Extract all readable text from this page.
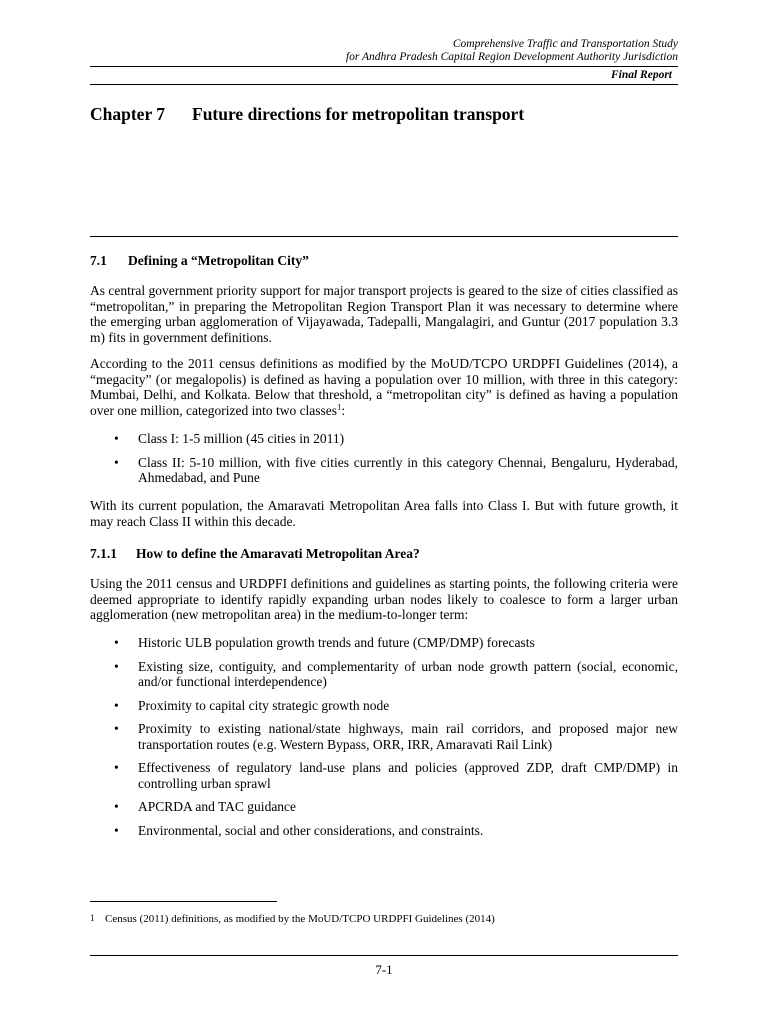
Comprehensive Traffic and Transportation Study
for Andhra Pradesh Capital Region Development Authority Jurisdiction
Final Report
Chapter 7 Future directions for metropolitan transport
7.1 Defining a “Metropolitan City”

As central government priority support for major transport projects is geared to the size of cities classified as “metropolitan,” in preparing the Metropolitan Region Transport Plan it was necessary to determine where the emerging urban agglomeration of Vijayawada, Tadepalli, Mangalagiri, and Guntur (2017 population 3.3 m) fits in government definitions.

According to the 2011 census definitions as modified by the MoUD/TCPO URDPFI Guidelines (2014), a “megacity” (or megalopolis) is defined as having a population over 10 million, with three in this category: Mumbai, Delhi, and Kolkata. Below that threshold, a “metropolitan city” is defined as having a population over one million, categorized into two classes$^1$:

• Class I: 1-5 million (45 cities in 2011)
• Class II: 5-10 million, with five cities currently in this category Chennai, Bengaluru, Hyderabad, Ahmedabad, and Pune

With its current population, the Amaravati Metropolitan Area falls into Class I. But with future growth, it may reach Class II within this decade.

7.1.1 How to define the Amaravati Metropolitan Area?

Using the 2011 census and URDPFI definitions and guidelines as starting points, the following criteria were deemed appropriate to identify rapidly expanding urban nodes likely to coalesce to form a larger urban agglomeration (new metropolitan area) in the medium-to-longer term:

• Historic ULB population growth trends and future (CMP/DMP) forecasts
• Existing size, contiguity, and complementarity of urban node growth pattern (social, economic, and/or functional interdependence)
• Proximity to capital city strategic growth node
• Proximity to existing national/state highways, main rail corridors, and proposed major new transportation routes (e.g. Western Bypass, ORR, IRR, Amaravati Rail Link)
• Effectiveness of regulatory land-use plans and policies (approved ZDP, draft CMP/DMP) in controlling urban sprawl
• APCRDA and TAC guidance
• Environmental, social and other considerations, and constraints.
1 Census (2011) definitions, as modified by the MoUD/TCPO URDPFI Guidelines (2014)
7-1
